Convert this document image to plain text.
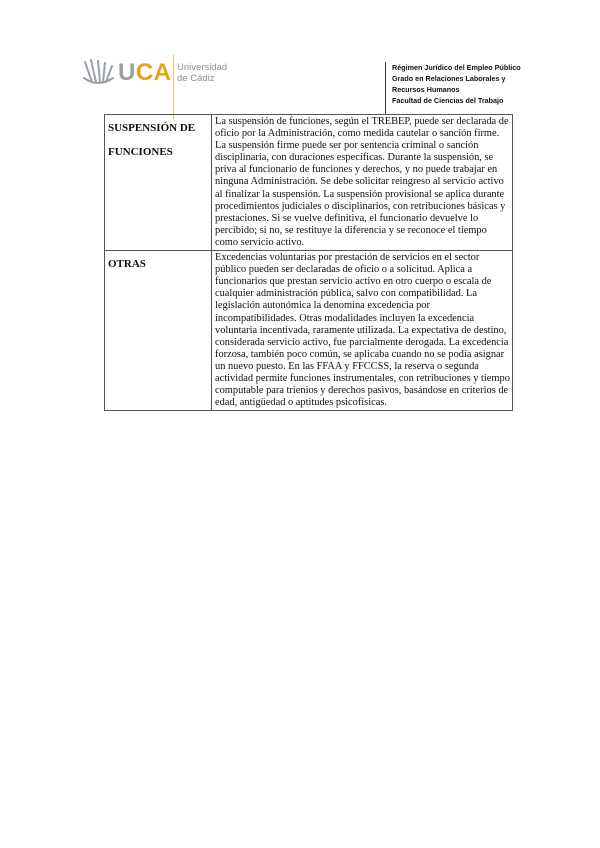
UCA Universidad
de Cádiz
Régimen Jurídico del Empleo Público
Grado en Relaciones Laborales y
Recursos Humanos
Facultad de Ciencias del Trabajo
SUSPENSIÓN DE FUNCIONES	La suspensión de funciones, según el TREBEP, puede ser declarada de oficio por la Administración, como medida cautelar o sanción firme. La suspensión firme puede ser por sentencia criminal o sanción disciplinaria, con duraciones específicas. Durante la suspensión, se priva al funcionario de funciones y derechos, y no puede trabajar en ninguna Administración. Se debe solicitar reingreso al servicio activo al finalizar la suspensión. La suspensión provisional se aplica durante procedimientos judiciales o disciplinarios, con retribuciones básicas y prestaciones. Si se vuelve definitiva, el funcionario devuelve lo percibido; si no, se restituye la diferencia y se reconoce el tiempo como servicio activo.
OTRAS	Excedencias voluntarias por prestación de servicios en el sector público pueden ser declaradas de oficio o a solicitud. Aplica a funcionarios que prestan servicio activo en otro cuerpo o escala de cualquier administración pública, salvo con compatibilidad. La legislación autonómica la denomina excedencia por incompatibilidades. Otras modalidades incluyen la excedencia voluntaria incentivada, raramente utilizada. La expectativa de destino, considerada servicio activo, fue parcialmente derogada. La excedencia forzosa, también poco común, se aplicaba cuando no se podía asignar un nuevo puesto. En las FFAA y FFCCSS, la reserva o segunda actividad permite funciones instrumentales, con retribuciones y tiempo computable para trienios y derechos pasivos, basándose en criterios de edad, antigüedad o aptitudes psicofísicas.
